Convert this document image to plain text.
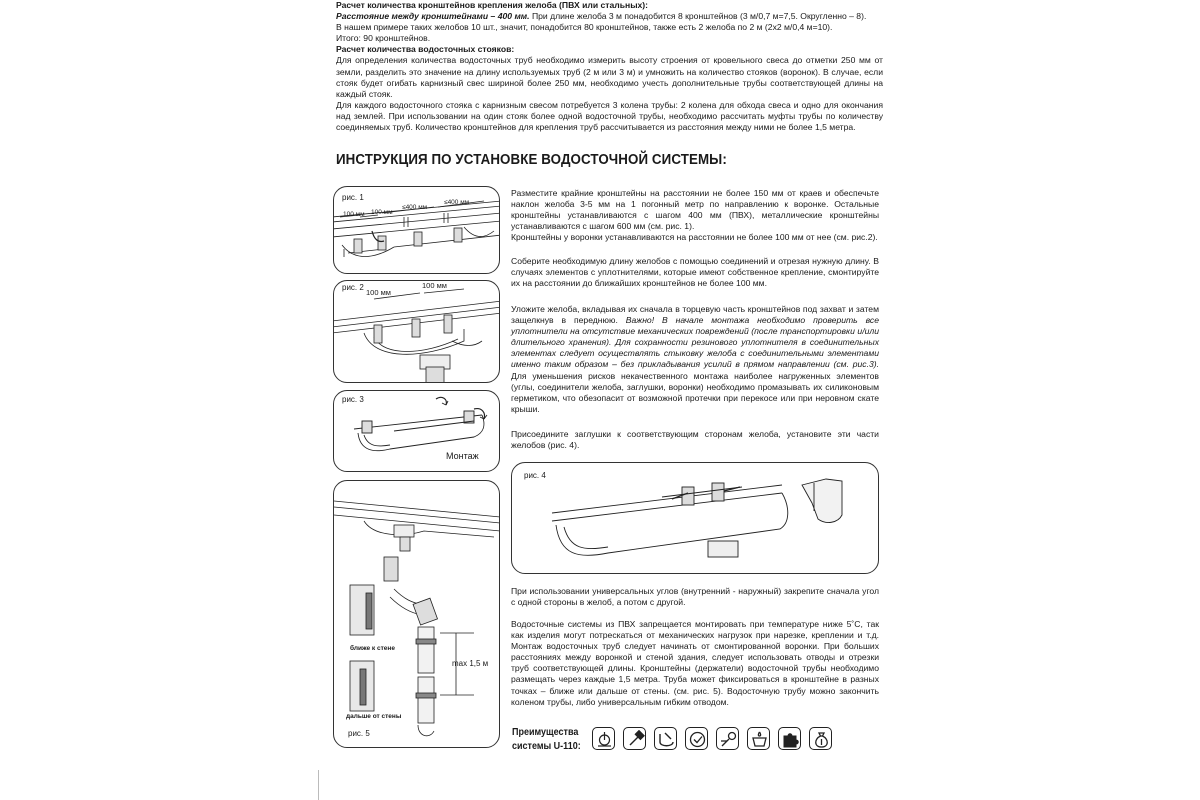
Расчет количества кронштейнов крепления желоба (ПВХ или стальных):

Расстояние между кронштейнами – 400 мм. При длине желоба 3 м понадобится 8 кронштейнов (3 м/0,7 м=7,5. Округленно – 8).

В нашем примере таких желобов 10 шт., значит, понадобится 80 кронштейнов, также есть 2 желоба по 2 м (2х2 м/0,4 м=10).

Итого: 90 кронштейнов.

Расчет количества водосточных стояков:

Для определения количества водосточных труб необходимо измерить высоту строения от кровельного свеса до отметки 250 мм от земли, разделить это значение на длину используемых труб (2 м или 3 м) и умножить на количество стояков (воронок). В случае, если стояк будет огибать карнизный свес шириной более 250 мм, необходимо учесть дополнительные трубы соответствующей длины на каждый стояк.

Для каждого водосточного стояка с карнизным свесом потребуется 3 колена трубы: 2 колена для обхода свеса и одно для окончания над землей. При использовании на один стояк более одной водосточной трубы, необходимо рассчитать муфты трубы по количеству соединяемых труб. Количество кронштейнов для крепления труб рассчитывается из расстояния между ними не более 1,5 метра.

ИНСТРУКЦИЯ ПО УСТАНОВКЕ ВОДОСТОЧНОЙ СИСТЕМЫ:
рис. 1
100 мм 100 мм
≤400 мм
≤400 мм
рис. 2
100 мм
100 мм
рис. 3
Монтаж
ближе к стене
дальше от стены
max 1,5 м
рис. 5
рис. 4

Разместите крайние кронштейны на расстоянии не более 150 мм от краев и обеспечьте наклон желоба 3-5 мм на 1 погонный метр по направлению к воронке. Остальные кронштейны устанавливаются с шагом 400 мм (ПВХ), металлические кронштейны устанавливаются с шагом 600 мм (см. рис. 1).

Кронштейны у воронки устанавливаются на расстоянии не более 100 мм от нее (см. рис.2).

Соберите необходимую длину желобов с помощью соединений и отрезая нужную длину. В случаях элементов с уплотнителями, которые имеют собственное крепление, смонтируйте их на расстоянии до ближайших кронштейнов не более 100 мм.

Уложите желоба, вкладывая их сначала в торцевую часть кронштейнов под захват и затем защелкнув в переднюю. Важно! В начале монтажа необходимо проверить все уплотнители на отсутствие механических повреждений (после транспортировки и/или длительного хранения). Для сохранности резинового уплотнителя в соединительных элементах следует осуществлять стыковку желоба с соединительными элементами именно таким образом – без прикладывания усилий в прямом направлении (см. рис.3). Для уменьшения рисков некачественного монтажа наиболее нагруженных элементов (углы, соединители желоба, заглушки, воронки) необходимо промазывать их силиконовым герметиком, что обезопасит от возможной протечки при перекосе или при неровном скате крыши.

Присоедините заглушки к соответствующим сторонам желоба, установите эти части желобов (рис. 4).

При использовании универсальных углов (внутренний - наружный) закрепите сначала угол с одной стороны в желоб, а потом с другой.

Водосточные системы из ПВХ запрещается монтировать при температуре ниже 5˚С, так как изделия могут потрескаться от механических нагрузок при нарезке, креплении и т.д. Монтаж водосточных труб следует начинать от смонтированной воронки. При больших расстояниях между воронкой и стеной здания, следует использовать отводы и отрезки труб соответствующей длины. Кронштейны (держатели) водосточной трубы необходимо размещать через каждые 1,5 метра. Труба может фиксироваться в кронштейне в разных точках – ближе или дальше от стены. (см. рис. 5). Водосточную трубу можно закончить коленом трубы, либо универсальным гибким отводом.

Преимущества
системы U-110:
